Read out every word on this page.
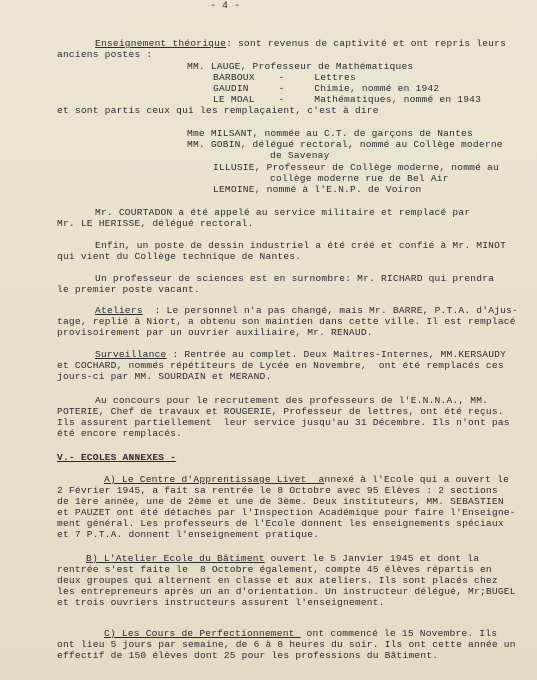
- 4 -
Enseignement théorique: sont revenus de captivité et ont repris leurs
anciens postes :
MM. LAUGE, Professeur de Mathématiques
BARBOUX    -     Lettres
GAUDIN     -     Chimie, nommé en 1942
LE MOAL    -     Mathématiques, nommé en 1943
et sont partis ceux qui les remplaçaient, c'est à dire
Mme MILSANT, nommée au C.T. de garçons de Nantes
MM. GOBIN, délégué rectoral, nommé au Collège moderne
de Savenay
ILLUSIE, Professeur de Collège moderne, nommé au
collège moderne rue de Bel Air
LEMOINE, nommé à l'E.N.P. de Voiron
Mr. COURTADON a été appelé au service militaire et remplacé par
Mr. LE HERISSE, délégué rectoral.
Enfin, un poste de dessin industriel a été créé et confié à Mr. MINOT
qui vient du Collège technique de Nantes.
Un professeur de sciences est en surnombre: Mr. RICHARD qui prendra
le premier poste vacant.
Ateliers  : Le personnel n'a pas changé, mais Mr. BARRE, P.T.A. d'Ajus-
tage, replié à Niort, a obtenu son maintien dans cette ville. Il est remplacé
provisoirement par un ouvrier auxiliaire, Mr. RENAUD.
Surveillance : Rentrée au complet. Deux Maîtres-Internes, MM.KERSAUDY
et COCHARD, nommés répétiteurs de Lycée en Novembre,  ont été remplacés ces
jours-ci par MM. SOURDAIN et MERAND.
Au concours pour le recrutement des professeurs de l'E.N.N.A., MM.
POTERIE, Chef de travaux et ROUGERIE, Professeur de lettres, ont été reçus.
Ils assurent partiellement  leur service jusqu'au 31 Décembre. Ils n'ont pas
été encore remplacés.
V.- ECOLES ANNEXES -
A) Le Centre d'Apprentissage Livet  annexé à l'Ecole qui a ouvert le
2 Février 1945, a fait sa rentrée le 8 Octobre avec 95 Elèves : 2 sections
de 1ère année, une de 2ème et une de 3ème. Deux instituteurs, MM. SEBASTIEN
et PAUZET ont été détachés par l'Inspection Académique pour faire l'Enseigne-
ment général. Les professeurs de l'Ecole donnent les enseignements spéciaux
et 7 P.T.A. donnent l'enseignement pratique.
B) L'Atelier Ecole du Bâtiment ouvert le 5 Janvier 1945 et dont la
rentrée s'est faite le  8 Octobre également, compte 45 élèves répartis en
deux groupes qui alternent en classe et aux ateliers. Ils sont placés chez
les entrepreneurs après un an d'orientation. Un instructeur délégué, Mr;BUGEL
et trois ouvriers instructeurs assurent l'enseignement.
C) Les Cours de Perfectionnement  ont commencé le 15 Novembre. Ils
ont lieu 5 jours par semaine, de 6 à 8 heures du soir. Ils ont cette année un
effectif de 150 élèves dont 25 pour les professions du Bâtiment.
